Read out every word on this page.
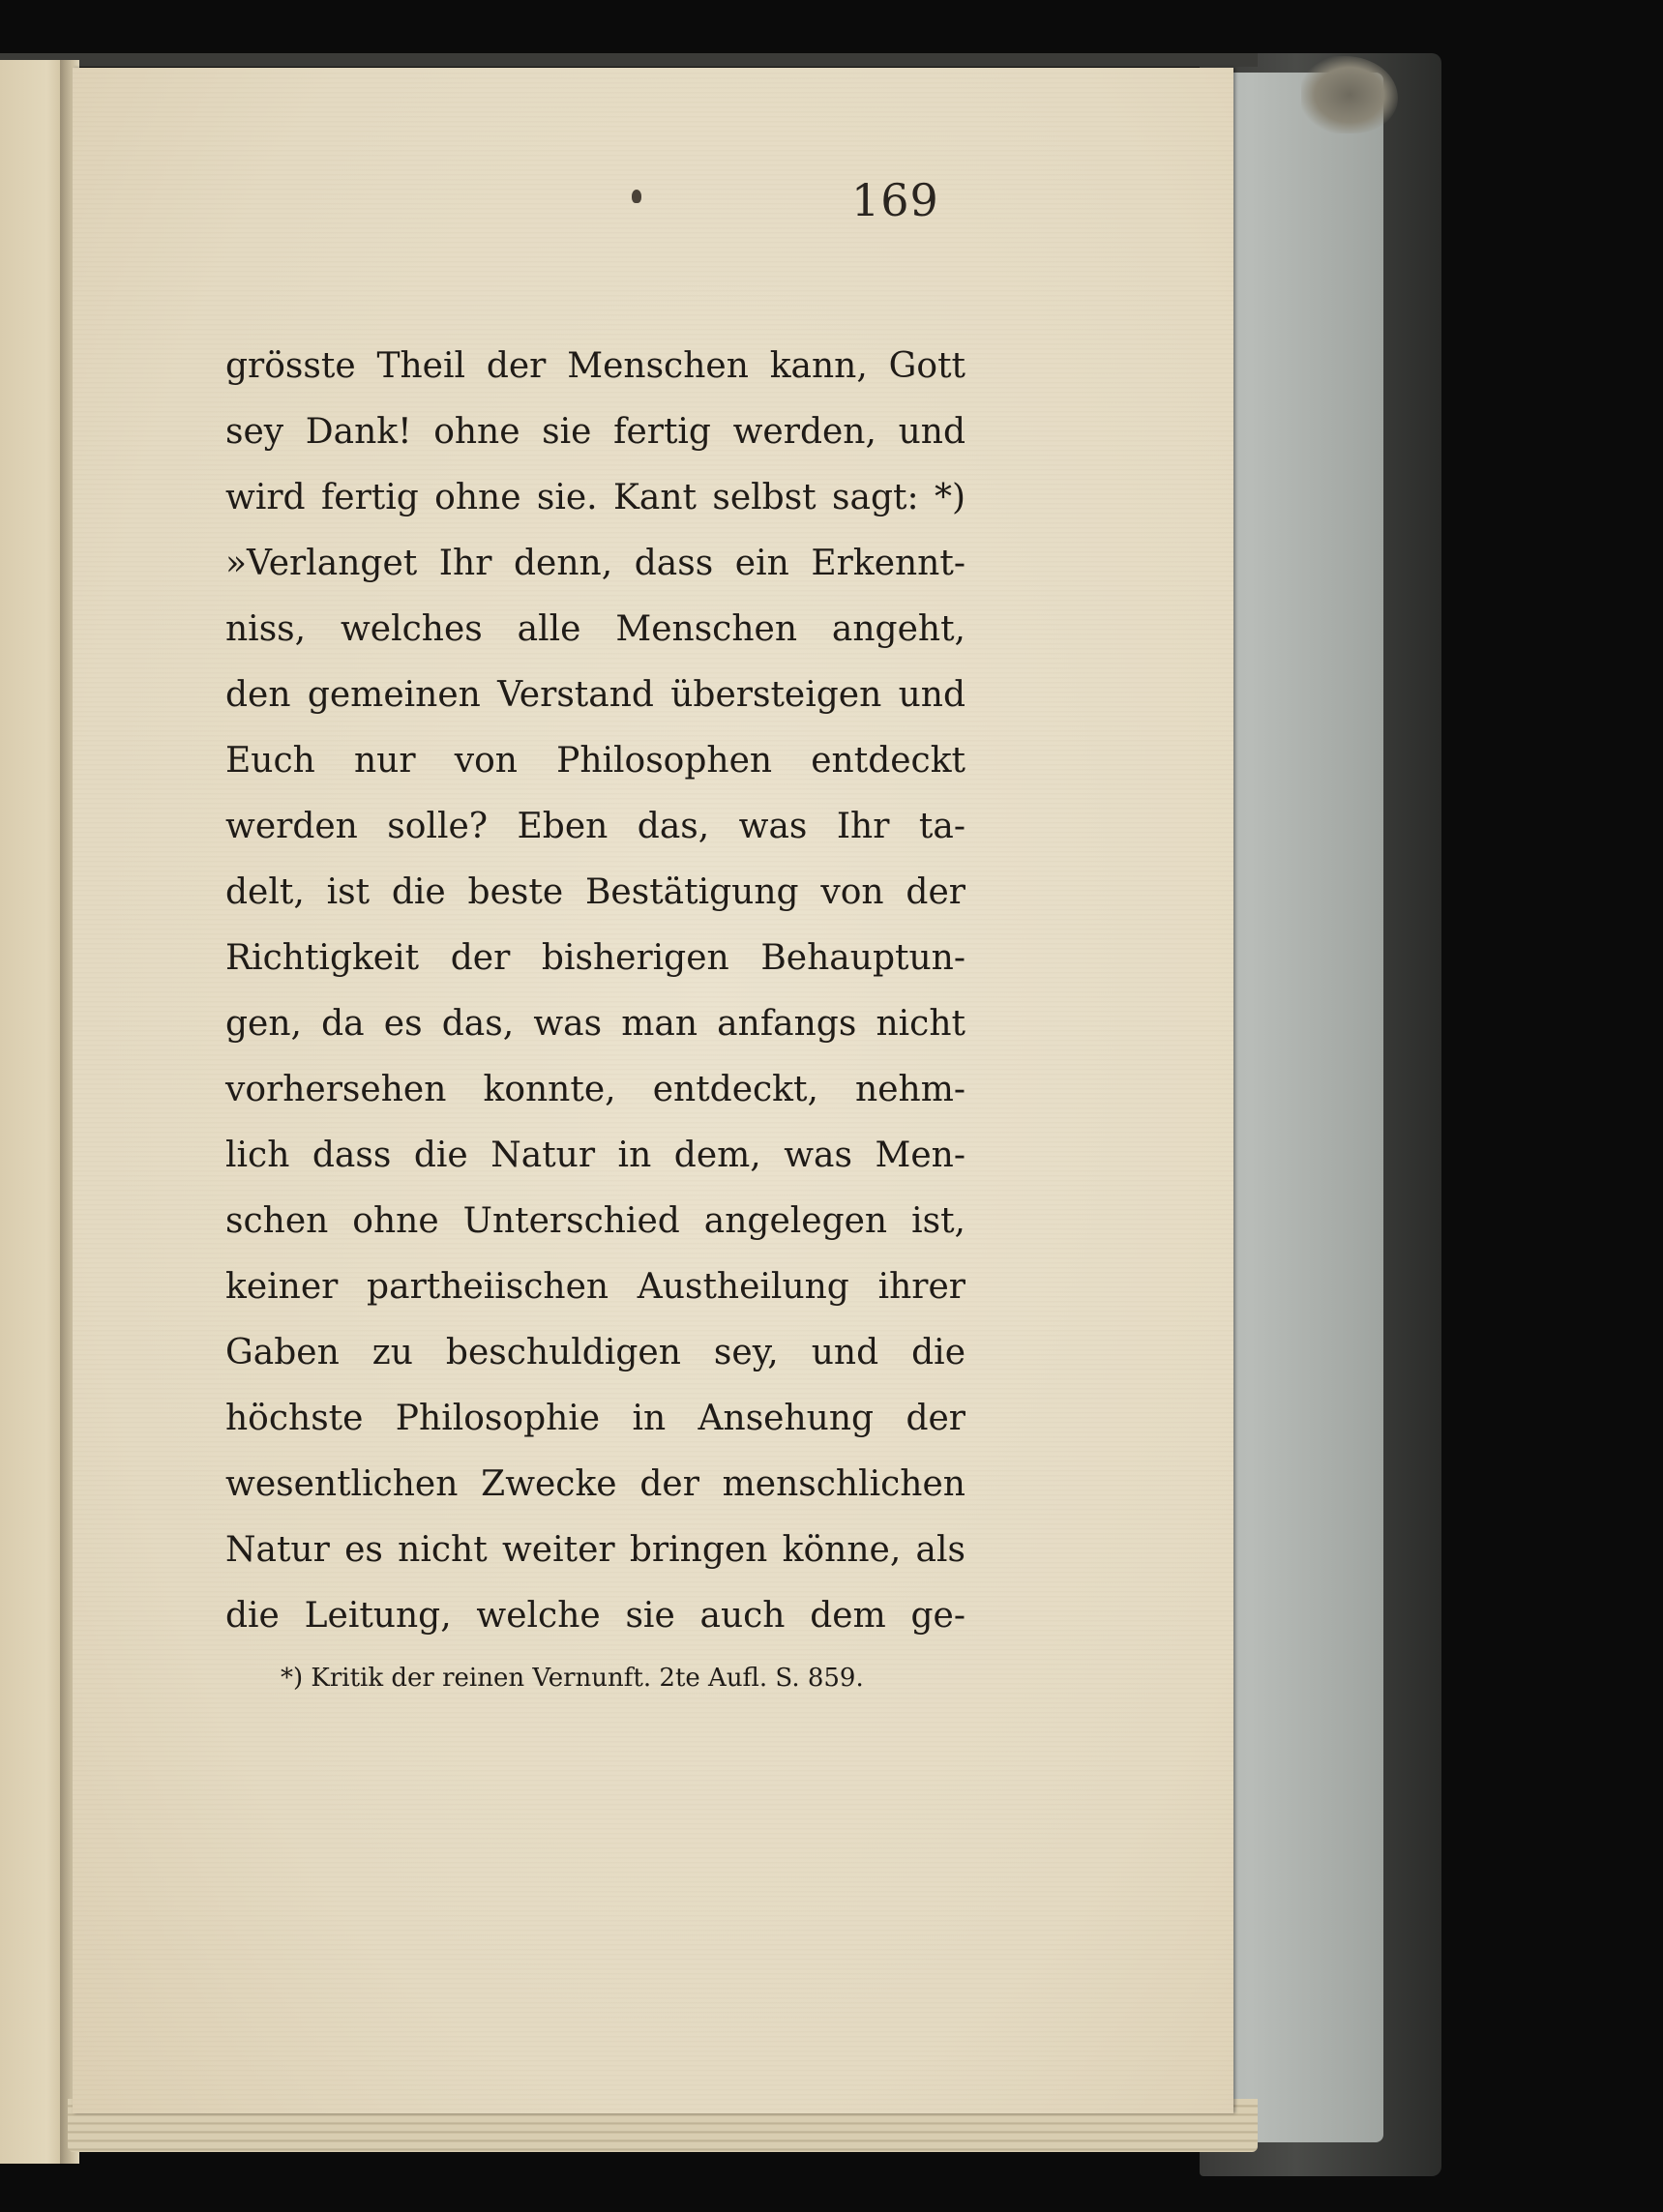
169
grösste Theil der Menschen kann, Gott
sey Dank! ohne sie fertig werden, und
wird fertig ohne sie. Kant selbst sagt: *)
»Verlanget Ihr denn, dass ein Erkennt-
niss, welches alle Menschen angeht,
den gemeinen Verstand übersteigen und
Euch nur von Philosophen entdeckt
werden solle? Eben das, was Ihr ta-
delt, ist die beste Bestätigung von der
Richtigkeit der bisherigen Behauptun-
gen, da es das, was man anfangs nicht
vorhersehen konnte, entdeckt, nehm-
lich dass die Natur in dem, was Men-
schen ohne Unterschied angelegen ist,
keiner partheiischen Austheilung ihrer
Gaben zu beschuldigen sey, und die
höchste Philosophie in Ansehung der
wesentlichen Zwecke der menschlichen
Natur es nicht weiter bringen könne, als
die Leitung, welche sie auch dem ge-
*) Kritik der reinen Vernunft. 2te Aufl. S. 859.
